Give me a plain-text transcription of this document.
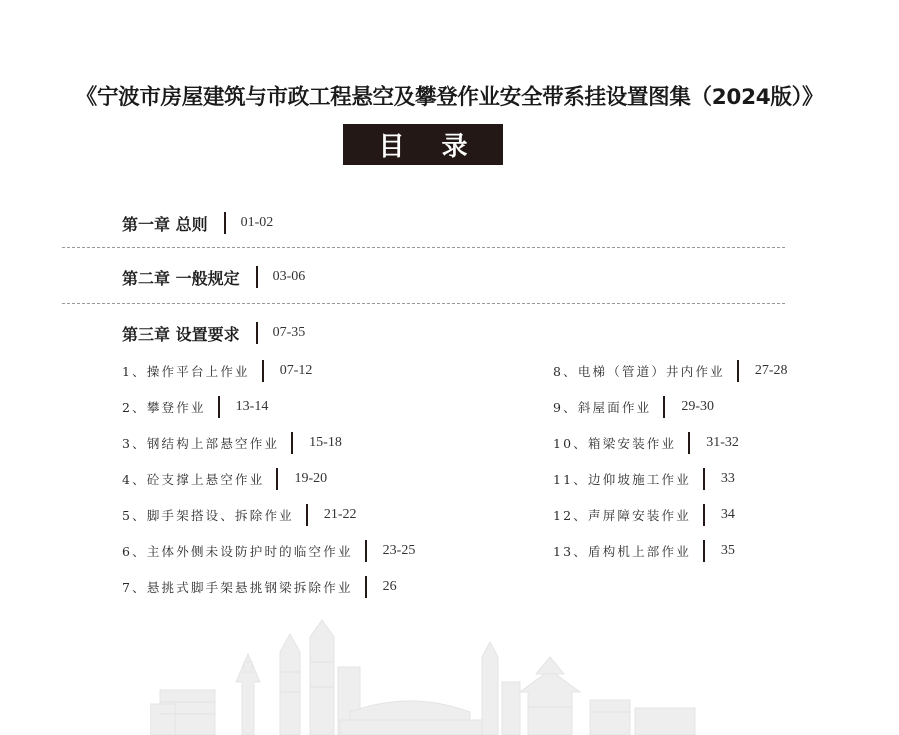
《宁波市房屋建筑与市政工程悬空及攀登作业安全带系挂设置图集（2024版）》
目 录
第一章 总则 01-02
第二章 一般规定 03-06
第三章 设置要求 07-35
1、操作平台上作业 07-12
2、攀登作业 13-14
3、钢结构上部悬空作业 15-18
4、砼支撑上悬空作业 19-20
5、脚手架搭设、拆除作业 21-22
6、主体外侧未设防护时的临空作业 23-25
7、悬挑式脚手架悬挑钢梁拆除作业 26
8、电梯（管道）井内作业 27-28
9、斜屋面作业 29-30
10、箱梁安装作业 31-32
11、边仰坡施工作业 33
12、声屏障安装作业 34
13、盾构机上部作业 35
